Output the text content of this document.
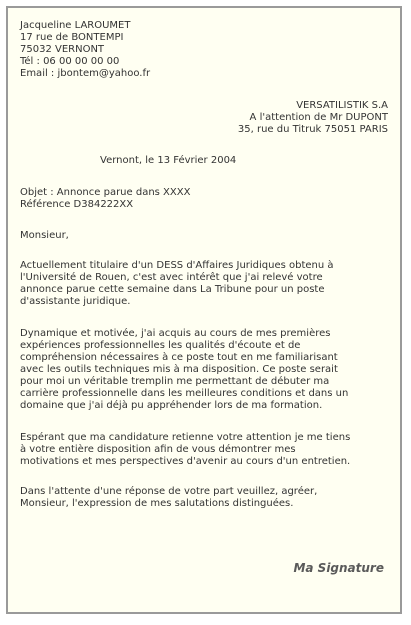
Jacqueline LAROUMET
17 rue de BONTEMPI
75032 VERNONT
Tél : 06 00 00 00 00
Email : jbontem@yahoo.fr
VERSATILISTIK S.A
A l'attention de Mr DUPONT
35, rue du Titruk 75051 PARIS
Vernont, le 13 Février 2004
Objet : Annonce parue dans XXXX
Référence D384222XX
Monsieur,
Actuellement titulaire d'un DESS d'Affaires Juridiques obtenu à
l'Université de Rouen, c'est avec intérêt que j'ai relevé votre
annonce parue cette semaine dans La Tribune pour un poste
d'assistante juridique.
Dynamique et motivée, j'ai acquis au cours de mes premières
expériences professionnelles les qualités d'écoute et de
compréhension nécessaires à ce poste tout en me familiarisant
avec les outils techniques mis à ma disposition. Ce poste serait
pour moi un véritable tremplin me permettant de débuter ma
carrière professionnelle dans les meilleures conditions et dans un
domaine que j'ai déjà pu appréhender lors de ma formation.
Espérant que ma candidature retienne votre attention je me tiens
à votre entière disposition afin de vous démontrer mes
motivations et mes perspectives d'avenir au cours d'un entretien.
Dans l'attente d'une réponse de votre part veuillez, agréer,
Monsieur, l'expression de mes salutations distinguées.
Ma Signature
